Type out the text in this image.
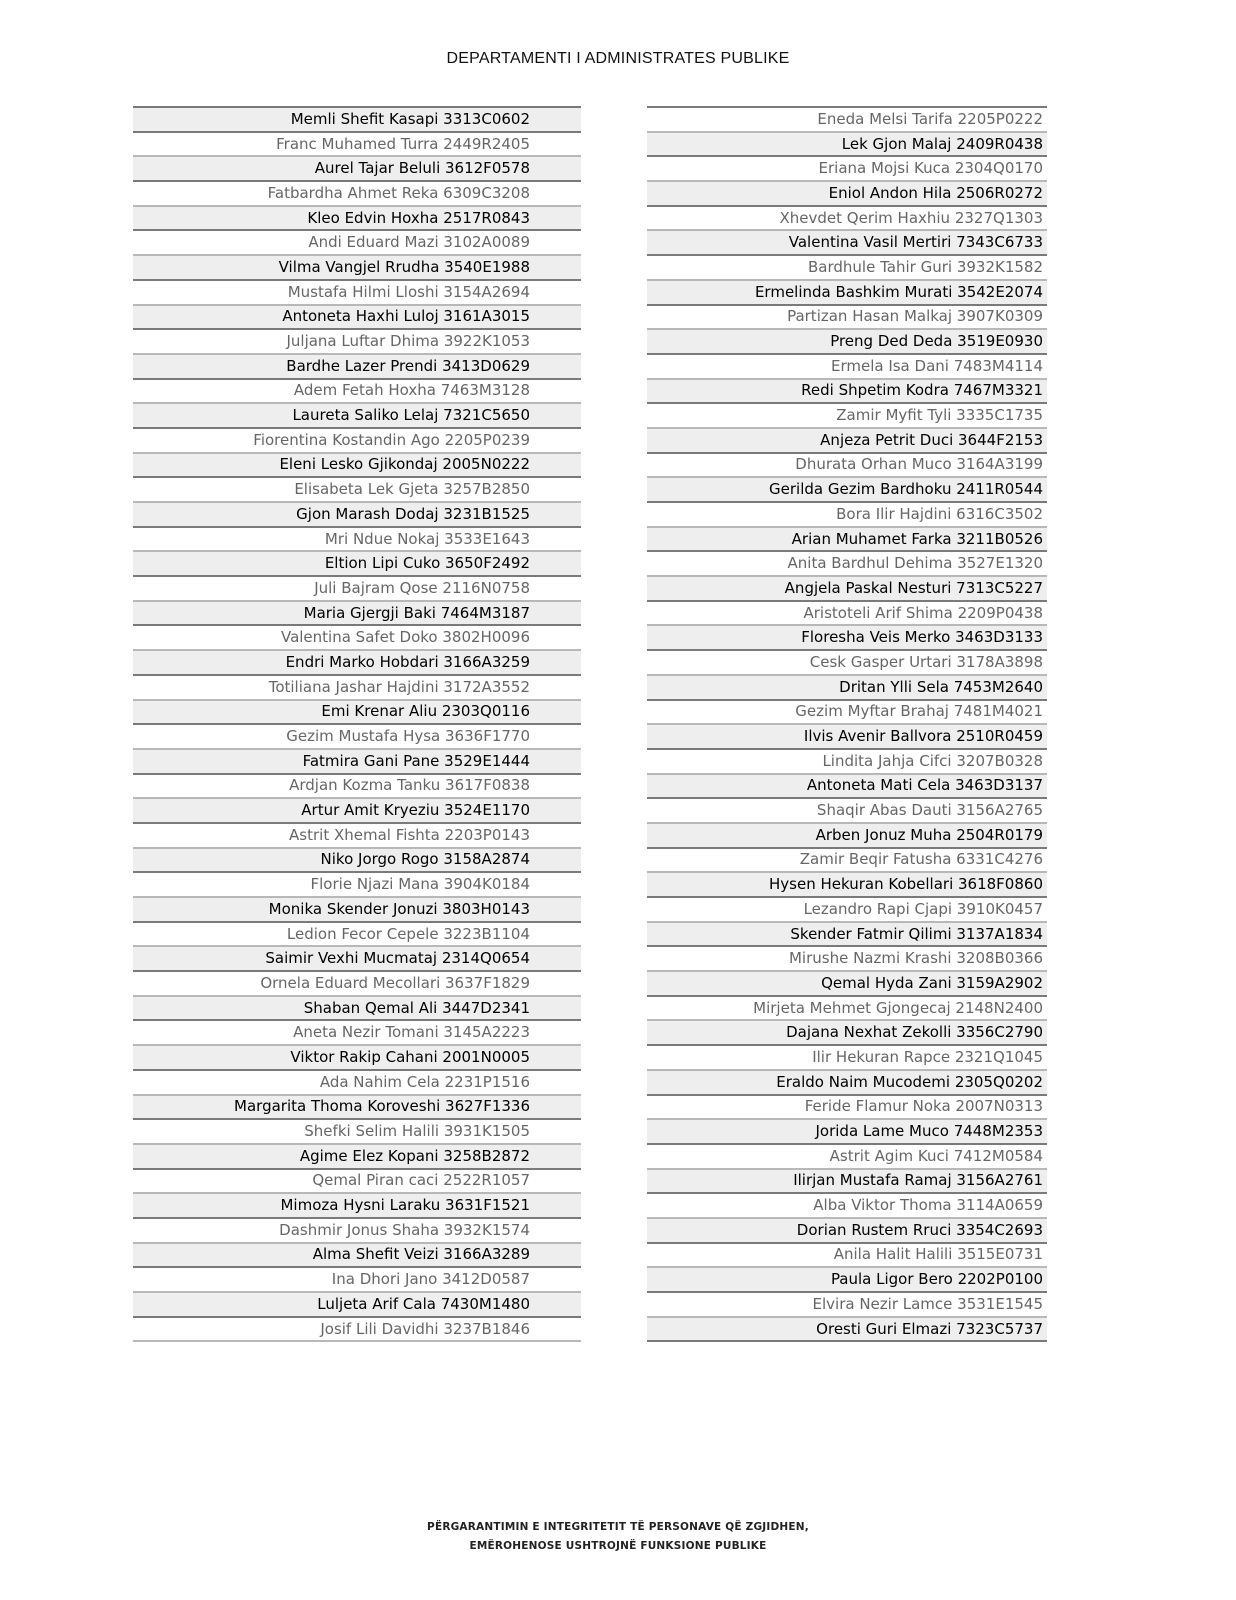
DEPARTAMENTI I ADMINISTRATES PUBLIKE
Memli Shefit Kasapi 3313C0602
Franc Muhamed Turra 2449R2405
Aurel Tajar Beluli 3612F0578
Fatbardha Ahmet Reka 6309C3208
Kleo Edvin Hoxha 2517R0843
Andi Eduard Mazi 3102A0089
Vilma Vangjel Rrudha 3540E1988
Mustafa Hilmi Lloshi 3154A2694
Antoneta Haxhi Luloj 3161A3015
Juljana Luftar Dhima 3922K1053
Bardhe Lazer Prendi 3413D0629
Adem Fetah Hoxha 7463M3128
Laureta Saliko Lelaj 7321C5650
Fiorentina Kostandin Ago 2205P0239
Eleni Lesko Gjikondaj 2005N0222
Elisabeta Lek Gjeta 3257B2850
Gjon Marash Dodaj 3231B1525
Mri Ndue Nokaj 3533E1643
Eltion Lipi Cuko 3650F2492
Juli Bajram Qose 2116N0758
Maria Gjergji Baki 7464M3187
Valentina Safet Doko 3802H0096
Endri Marko Hobdari 3166A3259
Totiliana Jashar Hajdini 3172A3552
Emi Krenar Aliu 2303Q0116
Gezim Mustafa Hysa 3636F1770
Fatmira Gani Pane 3529E1444
Ardjan Kozma Tanku 3617F0838
Artur Amit Kryeziu 3524E1170
Astrit Xhemal Fishta 2203P0143
Niko Jorgo Rogo 3158A2874
Florie Njazi Mana 3904K0184
Monika Skender Jonuzi 3803H0143
Ledion Fecor Cepele 3223B1104
Saimir Vexhi Mucmataj 2314Q0654
Ornela Eduard Mecollari 3637F1829
Shaban Qemal Ali 3447D2341
Aneta Nezir Tomani 3145A2223
Viktor Rakip Cahani 2001N0005
Ada Nahim Cela 2231P1516
Margarita Thoma Koroveshi 3627F1336
Shefki Selim Halili 3931K1505
Agime Elez Kopani 3258B2872
Qemal Piran caci 2522R1057
Mimoza Hysni Laraku 3631F1521
Dashmir Jonus Shaha 3932K1574
Alma Shefit Veizi 3166A3289
Ina Dhori Jano 3412D0587
Luljeta Arif Cala 7430M1480
Josif Lili Davidhi 3237B1846
Eneda Melsi Tarifa 2205P0222
Lek Gjon Malaj 2409R0438
Eriana Mojsi Kuca 2304Q0170
Eniol Andon Hila 2506R0272
Xhevdet Qerim Haxhiu 2327Q1303
Valentina Vasil Mertiri 7343C6733
Bardhule Tahir Guri 3932K1582
Ermelinda Bashkim Murati 3542E2074
Partizan Hasan Malkaj 3907K0309
Preng Ded Deda 3519E0930
Ermela Isa Dani 7483M4114
Redi Shpetim Kodra 7467M3321
Zamir Myfit Tyli 3335C1735
Anjeza Petrit Duci 3644F2153
Dhurata Orhan Muco 3164A3199
Gerilda Gezim Bardhoku 2411R0544
Bora Ilir Hajdini 6316C3502
Arian Muhamet Farka 3211B0526
Anita Bardhul Dehima 3527E1320
Angjela Paskal Nesturi 7313C5227
Aristoteli Arif Shima 2209P0438
Floresha Veis Merko 3463D3133
Cesk Gasper Urtari 3178A3898
Dritan Ylli Sela 7453M2640
Gezim Myftar Brahaj 7481M4021
Ilvis Avenir Ballvora 2510R0459
Lindita Jahja Cifci 3207B0328
Antoneta Mati Cela 3463D3137
Shaqir Abas Dauti 3156A2765
Arben Jonuz Muha 2504R0179
Zamir Beqir Fatusha 6331C4276
Hysen Hekuran Kobellari 3618F0860
Lezandro Rapi Cjapi 3910K0457
Skender Fatmir Qilimi 3137A1834
Mirushe Nazmi Krashi 3208B0366
Qemal Hyda Zani 3159A2902
Mirjeta Mehmet Gjongecaj 2148N2400
Dajana Nexhat Zekolli 3356C2790
Ilir Hekuran Rapce 2321Q1045
Eraldo Naim Mucodemi 2305Q0202
Feride Flamur Noka 2007N0313
Jorida Lame Muco 7448M2353
Astrit Agim Kuci 7412M0584
Ilirjan Mustafa Ramaj 3156A2761
Alba Viktor Thoma 3114A0659
Dorian Rustem Rruci 3354C2693
Anila Halit Halili 3515E0731
Paula Ligor Bero 2202P0100
Elvira Nezir Lamce 3531E1545
Oresti Guri Elmazi 7323C5737
PËRGARANTIMIN E INTEGRITETIT TË PERSONAVE QË ZGJIDHEN,
EMËROHENOSE USHTROJNË FUNKSIONE PUBLIKE
